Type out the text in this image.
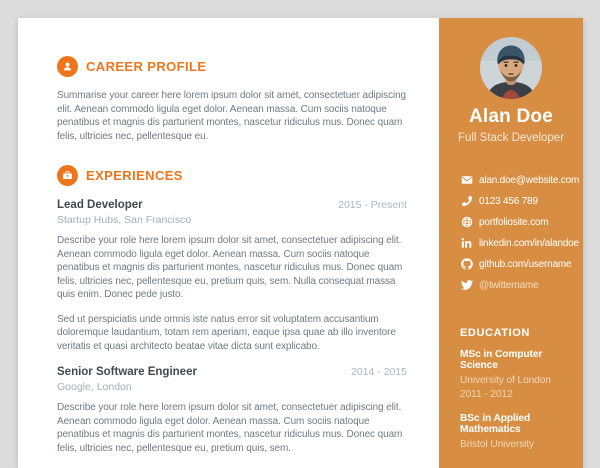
CAREER PROFILE

Summarise your career here lorem ipsum dolor sit amet, consectetuer adipiscing elit. Aenean commodo ligula eget dolor. Aenean massa. Cum sociis natoque penatibus et magnis dis parturient montes, nascetur ridiculus mus. Donec quam felis, ultricies nec, pellentesque eu.

EXPERIENCES
Lead Developer
Startup Hubs, San Francisco
2015 - Present

Describe your role here lorem ipsum dolor sit amet, consectetuer adipiscing elit. Aenean commodo ligula eget dolor. Aenean massa. Cum sociis natoque penatibus et magnis dis parturient montes, nascetur ridiculus mus. Donec quam felis, ultricies nec, pellentesque eu, pretium quis, sem. Nulla consequat massa quis enim. Donec pede justo.

Sed ut perspiciatis unde omnis iste natus error sit voluptatem accusantium doloremque laudantium, totam rem aperiam, eaque ipsa quae ab illo inventore veritatis et quasi architecto beatae vitae dicta sunt explicabo.

Senior Software Engineer
Google, London
2014 - 2015

Describe your role here lorem ipsum dolor sit amet, consectetuer adipiscing elit. Aenean commodo ligula eget dolor. Aenean massa. Cum sociis natoque penatibus et magnis dis parturient montes, nascetur ridiculus mus. Donec quam felis, ultricies nec, pellentesque eu, pretium quis, sem.

Alan Doe
Full Stack Developer
alan.doe@website.com
0123 456 789
portfoliosite.com
linkedin.com/in/alandoe
github.com/username
@twittername
EDUCATION
MSc in Computer Science
University of London
2011 - 2012
BSc in Applied Mathematics
Bristol University
